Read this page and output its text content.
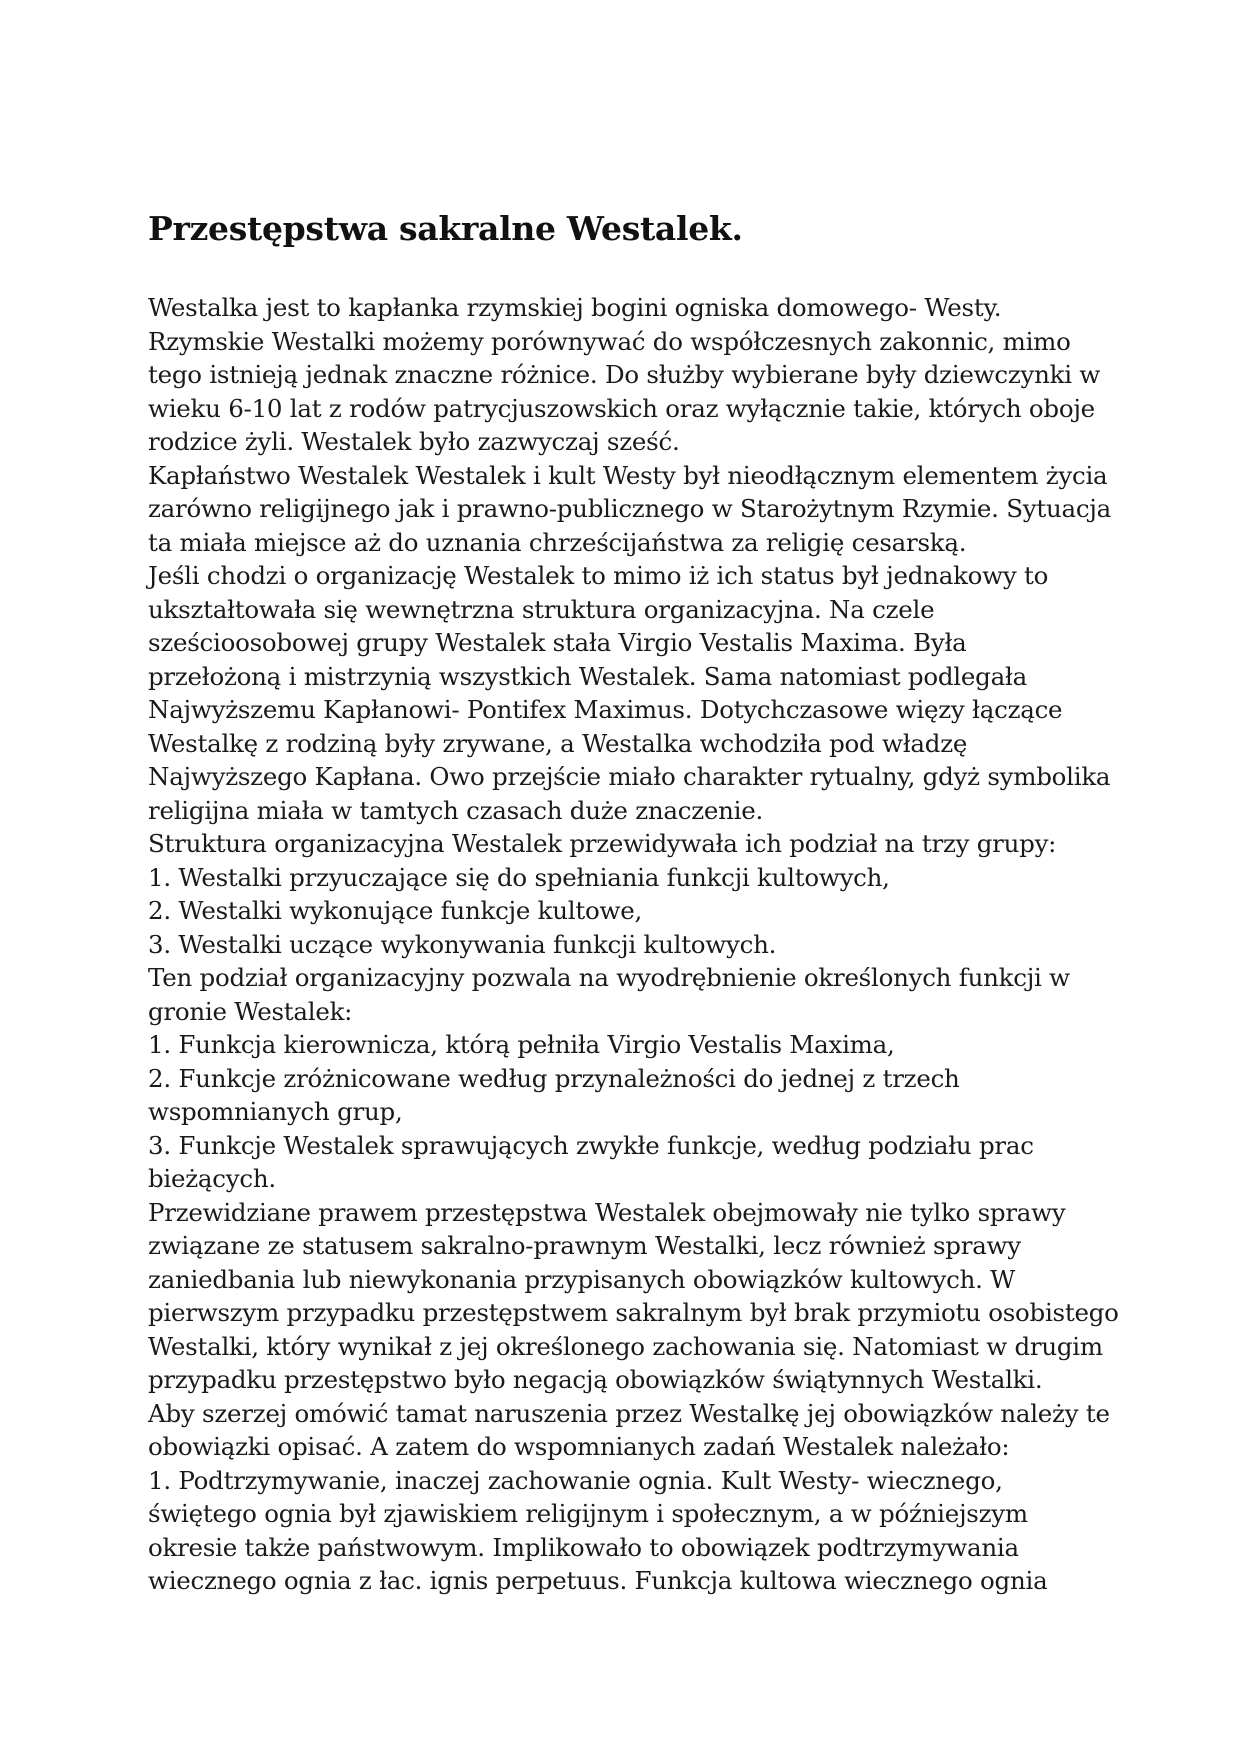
Przestępstwa sakralne Westalek.
Westalka jest to kapłanka rzymskiej bogini ogniska domowego- Westy.
Rzymskie Westalki możemy porównywać do współczesnych zakonnic, mimo
tego istnieją jednak znaczne różnice. Do służby wybierane były dziewczynki w
wieku 6-10 lat z rodów patrycjuszowskich oraz wyłącznie takie, których oboje
rodzice żyli. Westalek było zazwyczaj sześć.
Kapłaństwo Westalek Westalek i kult Westy był nieodłącznym elementem życia
zarówno religijnego jak i prawno-publicznego w Starożytnym Rzymie. Sytuacja
ta miała miejsce aż do uznania chrześcijaństwa za religię cesarską.
Jeśli chodzi o organizację Westalek to mimo iż ich status był jednakowy to
ukształtowała się wewnętrzna struktura organizacyjna. Na czele
sześcioosobowej grupy Westalek stała Virgio Vestalis Maxima. Była
przełożoną i mistrzynią wszystkich Westalek. Sama natomiast podlegała
Najwyższemu Kapłanowi- Pontifex Maximus. Dotychczasowe więzy łączące
Westalkę z rodziną były zrywane, a Westalka wchodziła pod władzę
Najwyższego Kapłana. Owo przejście miało charakter rytualny, gdyż symbolika
religijna miała w tamtych czasach duże znaczenie.
Struktura organizacyjna Westalek przewidywała ich podział na trzy grupy:
1. Westalki przyuczające się do spełniania funkcji kultowych,
2. Westalki wykonujące funkcje kultowe,
3. Westalki uczące wykonywania funkcji kultowych.
Ten podział organizacyjny pozwala na wyodrębnienie określonych funkcji w
gronie Westalek:
1. Funkcja kierownicza, którą pełniła Virgio Vestalis Maxima,
2. Funkcje zróżnicowane według przynależności do jednej z trzech
wspomnianych grup,
3. Funkcje Westalek sprawujących zwykłe funkcje, według podziału prac
bieżących.
Przewidziane prawem przestępstwa Westalek obejmowały nie tylko sprawy
związane ze statusem sakralno-prawnym Westalki, lecz również sprawy
zaniedbania lub niewykonania przypisanych obowiązków kultowych. W
pierwszym przypadku przestępstwem sakralnym był brak przymiotu osobistego
Westalki, który wynikał z jej określonego zachowania się. Natomiast w drugim
przypadku przestępstwo było negacją obowiązków świątynnych Westalki.
Aby szerzej omówić tamat naruszenia przez Westalkę jej obowiązków należy te
obowiązki opisać. A zatem do wspomnianych zadań Westalek należało:
1. Podtrzymywanie, inaczej zachowanie ognia. Kult Westy- wiecznego,
świętego ognia był zjawiskiem religijnym i społecznym, a w późniejszym
okresie także państwowym. Implikowało to obowiązek podtrzymywania
wiecznego ognia z łac. ignis perpetuus. Funkcja kultowa wiecznego ognia
